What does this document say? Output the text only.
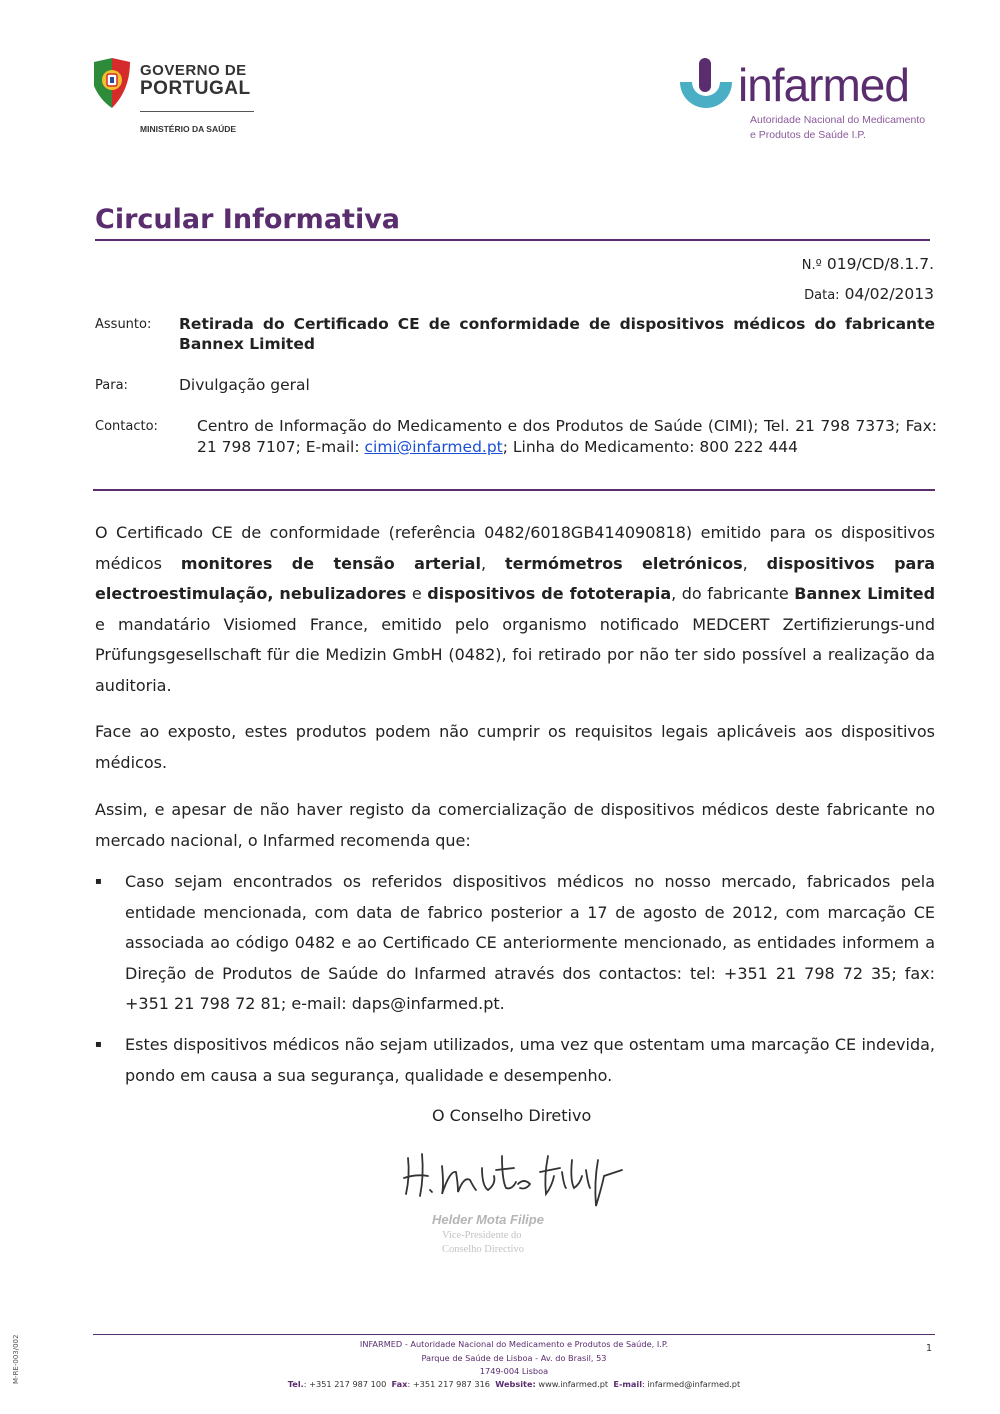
GOVERNO DE
PORTUGAL
MINISTÉRIO DA SAÚDE
infarmed
Autoridade Nacional do Medicamento
e Produtos de Saúde I.P.
Circular Informativa
N.º 019/CD/8.1.7.
Data: 04/02/2013
Assunto: Retirada do Certificado CE de conformidade de dispositivos médicos do fabricante Bannex Limited
Para:	Divulgação geral
Contacto:	Centro de Informação do Medicamento e dos Produtos de Saúde (CIMI); Tel. 21 798 7373; Fax: 21 798 7107; E-mail: cimi@infarmed.pt; Linha do Medicamento: 800 222 444
O Certificado CE de conformidade (referência 0482/6018GB414090818) emitido para os dispositivos médicos monitores de tensão arterial, termómetros eletrónicos, dispositivos para electroestimulação, nebulizadores e dispositivos de fototerapia, do fabricante Bannex Limited e mandatário Visiomed France, emitido pelo organismo notificado MEDCERT Zertifizierungs-und Prüfungsgesellschaft für die Medizin GmbH (0482), foi retirado por não ter sido possível a realização da auditoria.
Face ao exposto, estes produtos podem não cumprir os requisitos legais aplicáveis aos dispositivos médicos.
Assim, e apesar de não haver registo da comercialização de dispositivos médicos deste fabricante no mercado nacional, o Infarmed recomenda que:
▪ Caso sejam encontrados os referidos dispositivos médicos no nosso mercado, fabricados pela entidade mencionada, com data de fabrico posterior a 17 de agosto de 2012, com marcação CE associada ao código 0482 e ao Certificado CE anteriormente mencionado, as entidades informem a Direção de Produtos de Saúde do Infarmed através dos contactos: tel: +351 21 798 72 35; fax: +351 21 798 72 81; e-mail: daps@infarmed.pt.
▪ Estes dispositivos médicos não sejam utilizados, uma vez que ostentam uma marcação CE indevida, pondo em causa a sua segurança, qualidade e desempenho.
O Conselho Diretivo
Helder Mota Filipe
Vice-Presidente do
Conselho Directivo
INFARMED - Autoridade Nacional do Medicamento e Produtos de Saúde, I.P.
Parque de Saúde de Lisboa - Av. do Brasil, 53
1749-004 Lisboa
Tel.: +351 217 987 100 Fax: +351 217 987 316 Website: www.infarmed.pt E-mail: infarmed@infarmed.pt
1
M-RE-003/002
